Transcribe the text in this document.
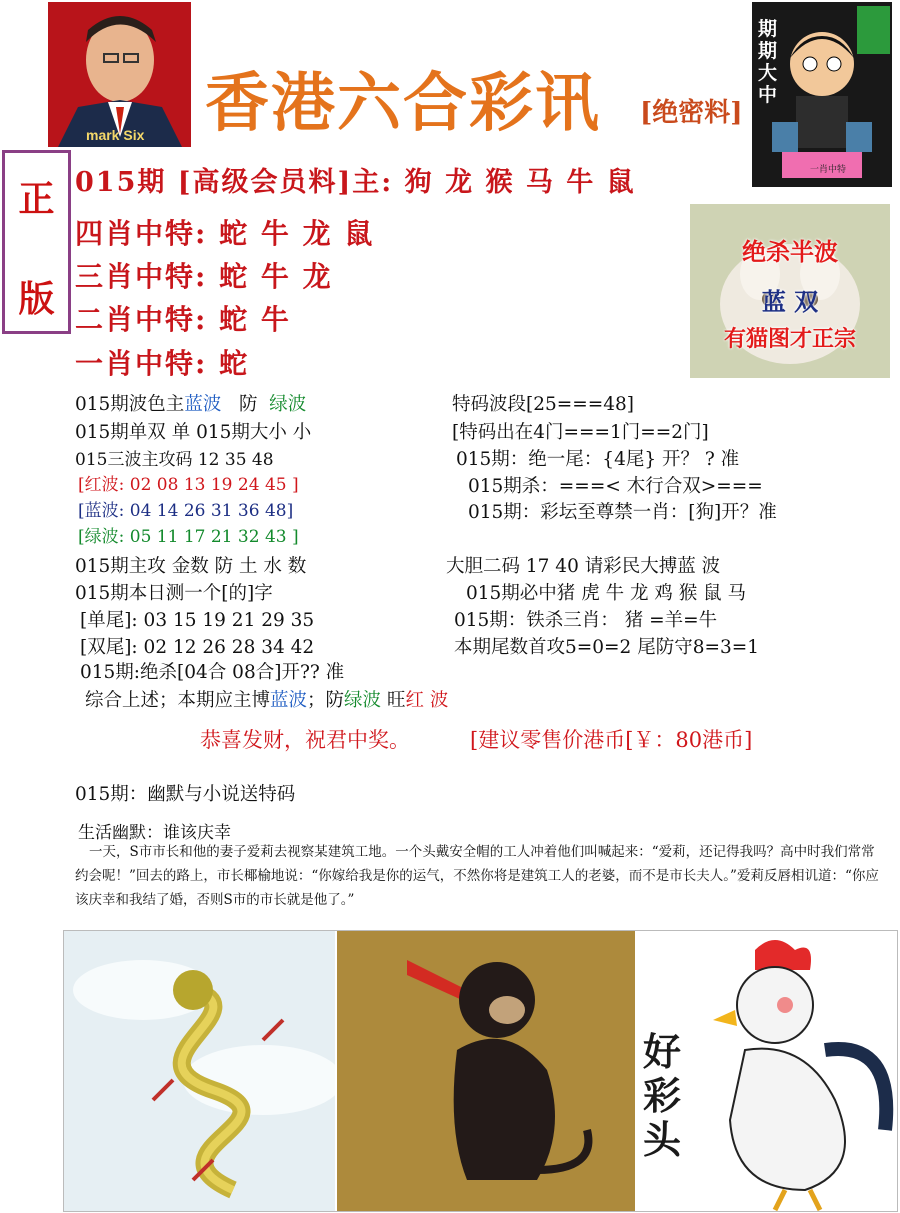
mark Six 香港六合彩讯 [绝密料]
期期大中
一肖中特
正
版
015期 [高级会员料]主: 狗 龙 猴 马 牛 鼠
四肖中特: 蛇 牛 龙 鼠
三肖中特: 蛇 牛 龙
二肖中特: 蛇 牛
一肖中特: 蛇
绝杀半波
蓝 双
有猫图才正宗
015期波色主蓝波 防 绿波
015期单双 单 015期大小 小
015三波主攻码 12 35 48
[红波: 02 08 13 19 24 45 ]
[蓝波: 04 14 26 31 36 48]
[绿波: 05 11 17 21 32 43 ]
015期主攻 金数 防 土 水 数
015期本日测一个[的]字
[单尾]: 03 15 19 21 29 35
[双尾]: 02 12 26 28 34 42
015期:绝杀[04合 08合]开?? 准
综合上述；本期应主博蓝波；防绿波 旺红 波
特码波段[25===48]
[特码出在4门===1门==2门]
015期：绝一尾：{4尾} 开？ ? 准
015期杀：===< 木行合双>===
015期：彩坛至尊禁一肖：[狗]开？准
大胆二码 17 40 请彩民大搏蓝 波
015期必中猪 虎 牛 龙 鸡 猴 鼠 马
015期：铁杀三肖： 猪 =羊=牛
本期尾数首攻5=0=2 尾防守8=3=1
恭喜发财，祝君中奖。	[建议零售价港币[￥：80港币]
015期：幽默与小说送特码
生活幽默：谁该庆幸
一天，S市市长和他的妻子爱莉去视察某建筑工地。一个头戴安全帽的工人冲着他们叫喊起来：“爱莉，还记得我吗？高中时我们常常约会呢！”回去的路上，市长椰榆地说：“你嫁给我是你的运气，不然你将是建筑工人的老婆，而不是市长夫人。”爱莉反唇相讥道：“你应该庆幸和我结了婚，否则S市的市长就是他了。”
好彩头
